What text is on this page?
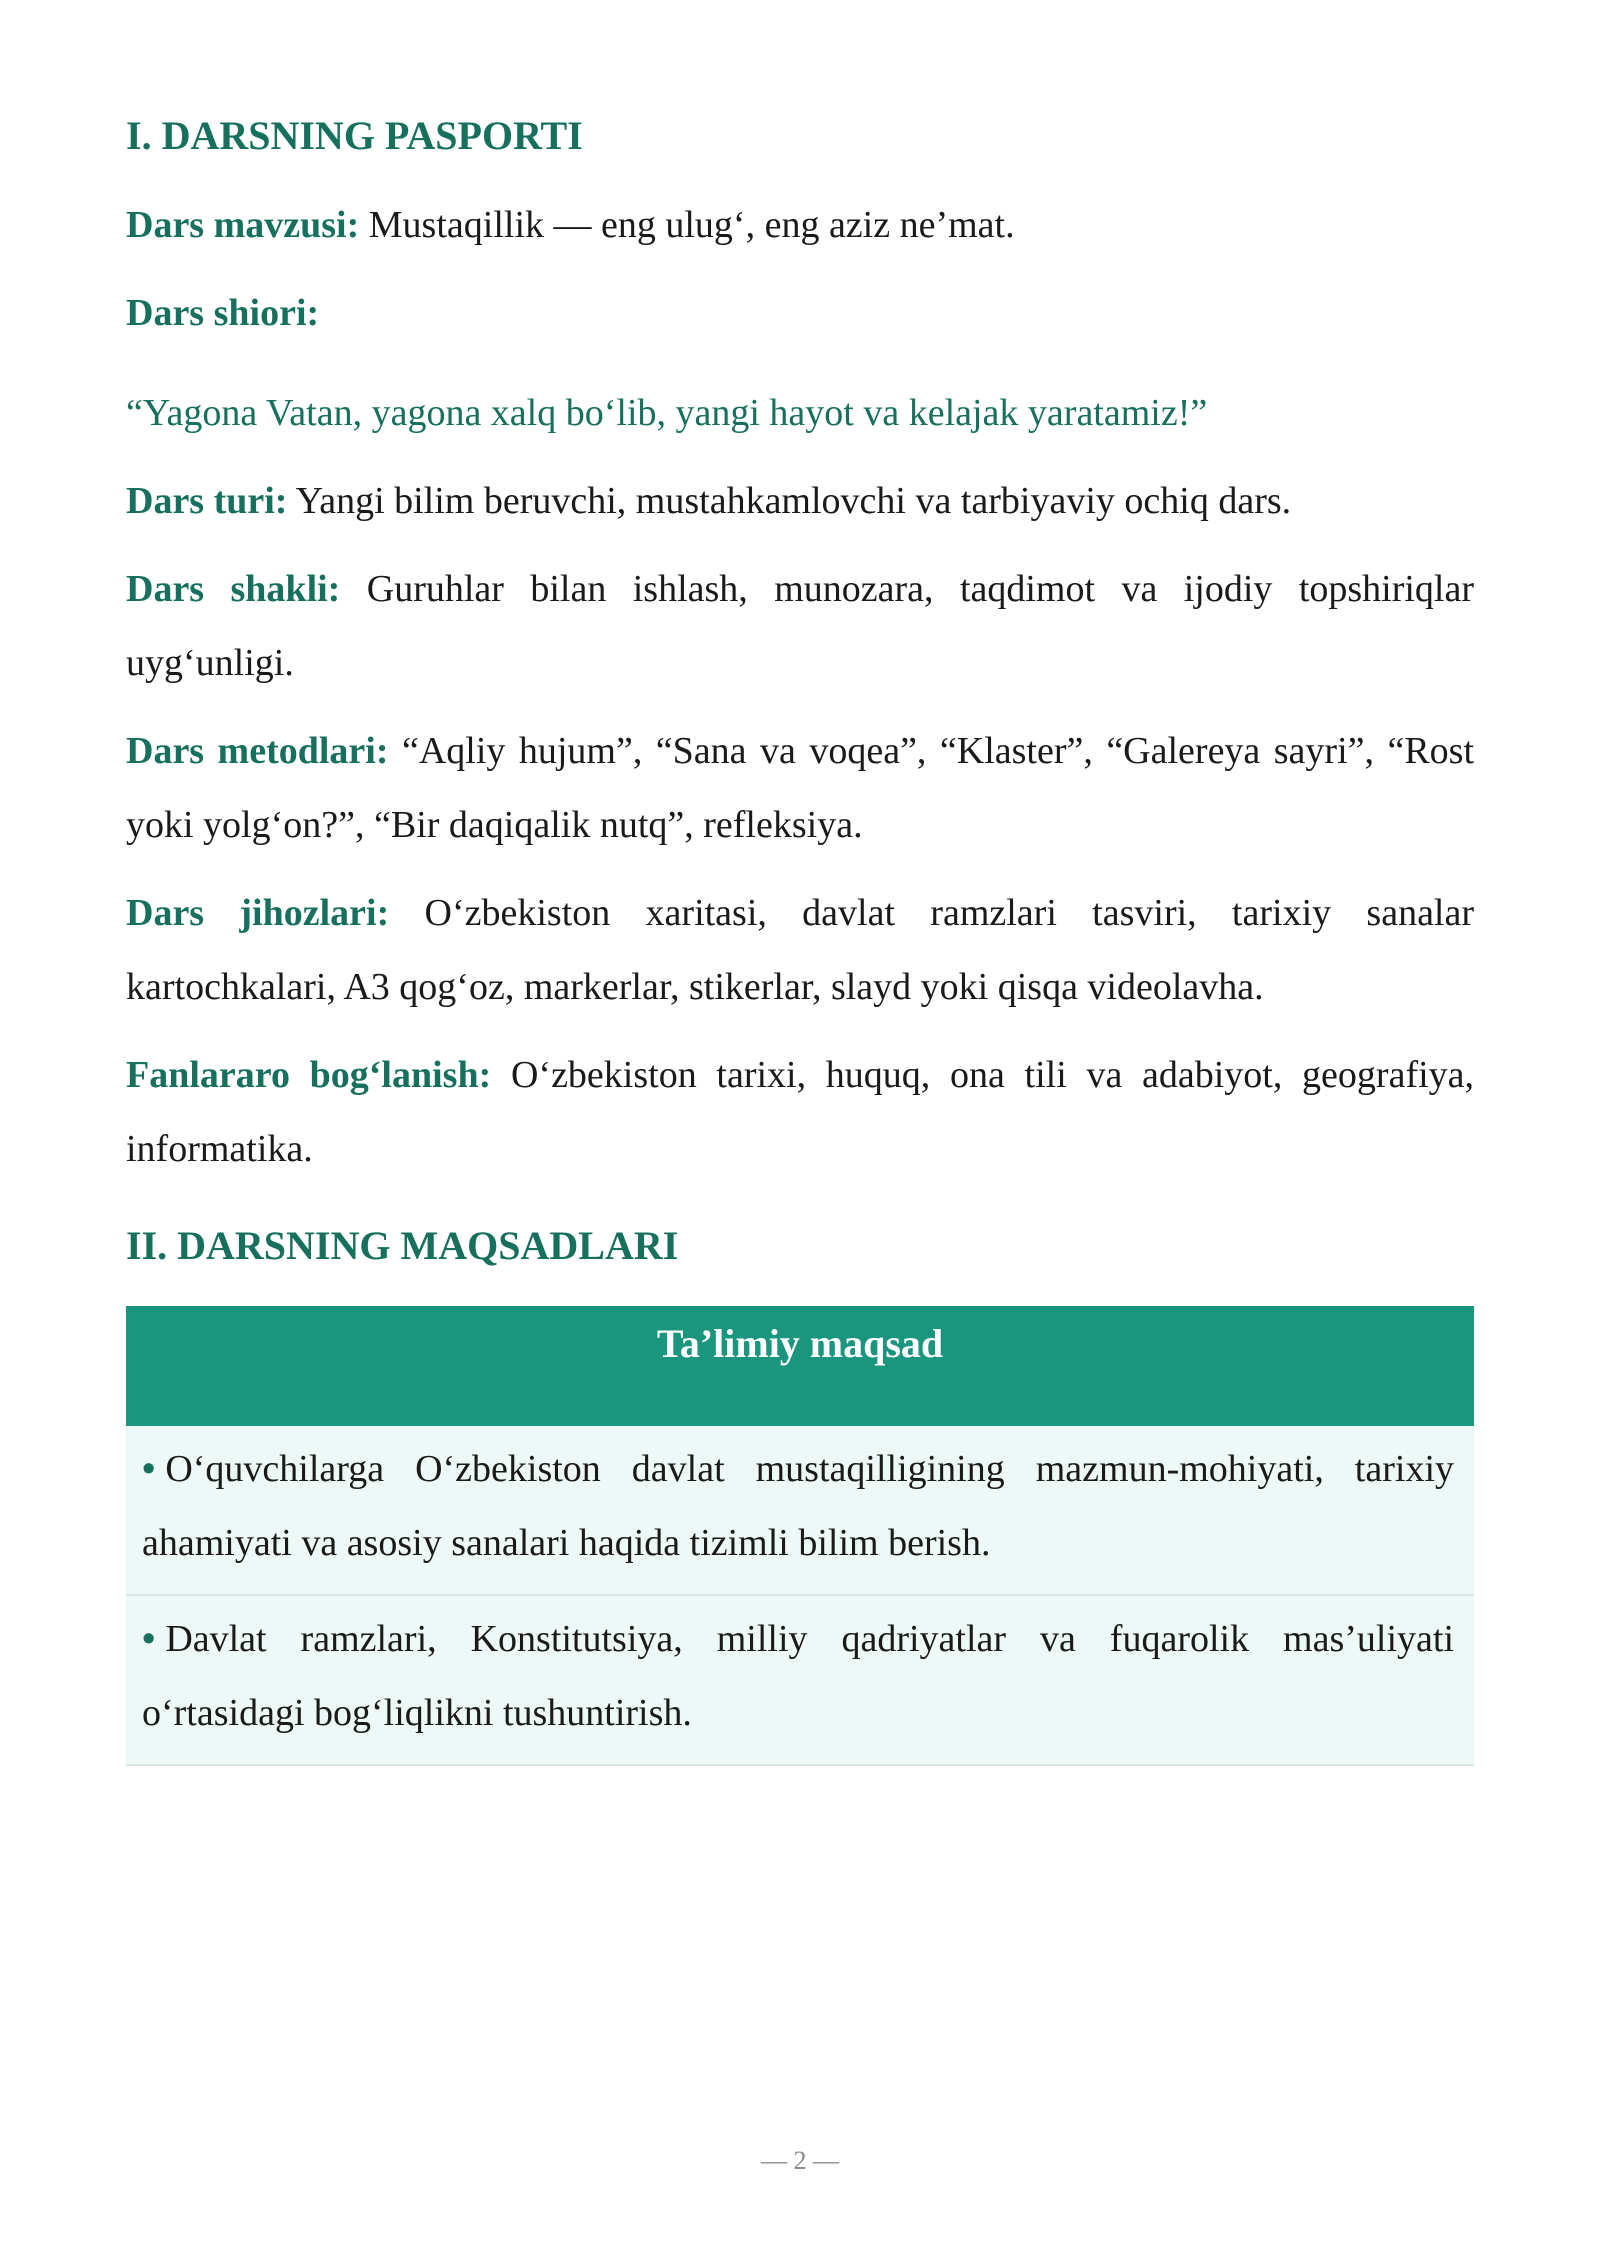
I. DARSNING PASPORTI

Dars mavzusi: Mustaqillik — eng ulug‘, eng aziz ne’mat.

Dars shiori:

“Yagona Vatan, yagona xalq bo‘lib, yangi hayot va kelajak yaratamiz!”

Dars turi: Yangi bilim beruvchi, mustahkamlovchi va tarbiyaviy ochiq dars.

Dars shakli: Guruhlar bilan ishlash, munozara, taqdimot va ijodiy topshiriqlar uyg‘unligi.

Dars metodlari: “Aqliy hujum”, “Sana va voqea”, “Klaster”, “Galereya sayri”, “Rost yoki yolg‘on?”, “Bir daqiqalik nutq”, refleksiya.

Dars jihozlari: O‘zbekiston xaritasi, davlat ramzlari tasviri, tarixiy sanalar kartochkalari, A3 qog‘oz, markerlar, stikerlar, slayd yoki qisqa videolavha.

Fanlararo bog‘lanish: O‘zbekiston tarixi, huquq, ona tili va adabiyot, geografiya, informatika.

II. DARSNING MAQSADLARI
Ta’limiy maqsad
• O‘quvchilarga O‘zbekiston davlat mustaqilligining mazmun-mohiyati, tarixiy ahamiyati va asosiy sanalari haqida tizimli bilim berish.
• Davlat ramzlari, Konstitutsiya, milliy qadriyatlar va fuqarolik mas’uliyati o‘rtasidagi bog‘liqlikni tushuntirish.
— 2 —
